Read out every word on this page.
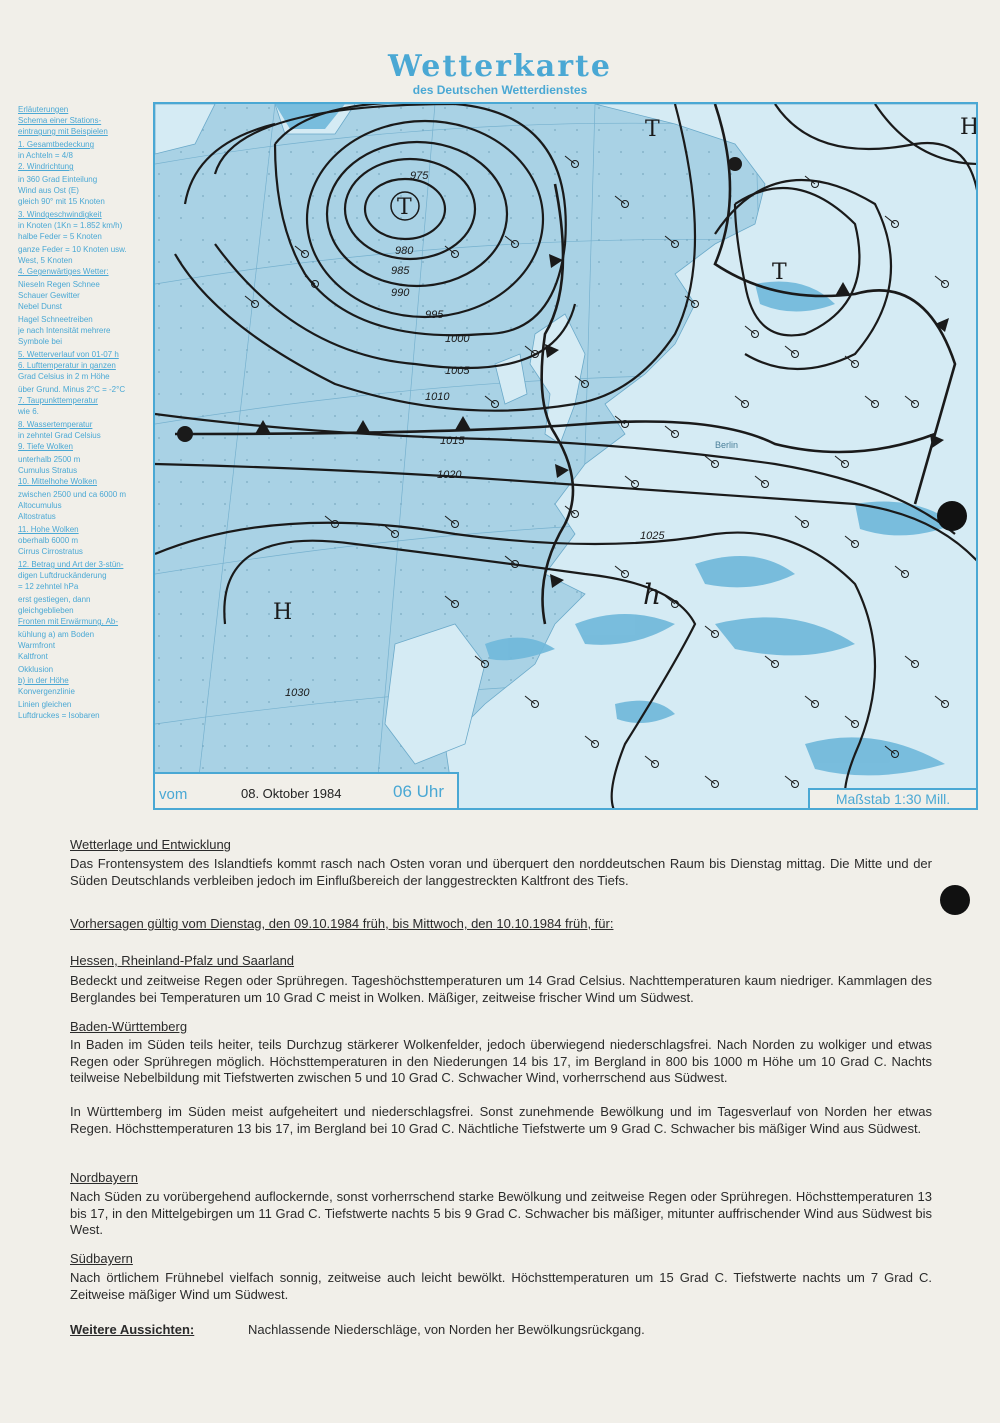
Wetterkarte
des Deutschen Wetterdienstes
Erläuterungen
Schema einer Stations-
eintragung mit Beispielen
1. Gesamtbedeckung
in Achteln = 4/8
2. Windrichtung
in 360 Grad Einteilung
Wind aus Ost (E)
gleich 90° mit 15 Knoten
3. Windgeschwindigkeit
in Knoten (1Kn = 1.852 km/h)
halbe Feder = 5 Knoten
ganze Feder = 10 Knoten usw.
West, 5 Knoten
4. Gegenwärtiges Wetter:
Nieseln Regen Schnee
Schauer Gewitter
Nebel Dunst
Hagel Schneetreiben
je nach Intensität mehrere
Symbole bei
5. Wetterverlauf von 01-07 h
6. Lufttemperatur in ganzen
Grad Celsius in 2 m Höhe
über Grund. Minus 2°C = -2°C
7. Taupunkttemperatur
wie 6.
8. Wassertemperatur
in zehntel Grad Celsius
9. Tiefe Wolken
unterhalb 2500 m
Cumulus Stratus
10. Mittelhohe Wolken
zwischen 2500 und ca 6000 m
Altocumulus
Altostratus
11. Hohe Wolken
oberhalb 6000 m
Cirrus Cirrostratus
12. Betrag und Art der 3-stün-
digen Luftdruckänderung
= 12 zehntel hPa
erst gestiegen, dann
gleichgeblieben
Fronten mit Erwärmung, Ab-
kühlung a) am Boden
Warmfront
Kaltfront
Okklusion
b) in der Höhe
Konvergenzlinie
Linien gleichen
Luftdruckes = Isobaren
T
T
T
H
H
h
975
980
985
990
995
1000
1005
1010
1015
1020
1025
1030
Berlin
vom	08. Oktober 1984	06 Uhr	Maßstab 1:30 Mill.
Wetterlage und Entwicklung

Das Frontensystem des Islandtiefs kommt rasch nach Osten voran und überquert den norddeutschen Raum bis Dienstag mittag. Die Mitte und der Süden Deutschlands verbleiben jedoch im Einflußbereich der langgestreckten Kaltfront des Tiefs.

Vorhersagen gültig vom Dienstag, den 09.10.1984 früh, bis Mittwoch, den 10.10.1984 früh, für:
Hessen, Rheinland-Pfalz und Saarland

Bedeckt und zeitweise Regen oder Sprühregen. Tageshöchsttemperaturen um 14 Grad Celsius. Nachttemperaturen kaum niedriger. Kammlagen des Berglandes bei Temperaturen um 10 Grad C meist in Wolken. Mäßiger, zeitweise frischer Wind um Südwest.

Baden-Württemberg

In Baden im Süden teils heiter, teils Durchzug stärkerer Wolkenfelder, jedoch überwiegend niederschlagsfrei. Nach Norden zu wolkiger und etwas Regen oder Sprühregen möglich. Höchsttemperaturen in den Niederungen 14 bis 17, im Bergland in 800 bis 1000 m Höhe um 10 Grad C. Nachts teilweise Nebelbildung mit Tiefstwerten zwischen 5 und 10 Grad C. Schwacher Wind, vorherrschend aus Südwest.

In Württemberg im Süden meist aufgeheitert und niederschlagsfrei. Sonst zunehmende Bewölkung und im Tagesverlauf von Norden her etwas Regen. Höchsttemperaturen 13 bis 17, im Bergland bei 10 Grad C. Nächtliche Tiefstwerte um 9 Grad C. Schwacher bis mäßiger Wind aus Südwest.

Nordbayern

Nach Süden zu vorübergehend auflockernde, sonst vorherrschend starke Bewölkung und zeitweise Regen oder Sprühregen. Höchsttemperaturen 13 bis 17, in den Mittelgebirgen um 11 Grad C. Tiefstwerte nachts 5 bis 9 Grad C. Schwacher bis mäßiger, mitunter auffrischender Wind aus Südwest bis West.

Südbayern

Nach örtlichem Frühnebel vielfach sonnig, zeitweise auch leicht bewölkt. Höchsttemperaturen um 15 Grad C. Tiefstwerte nachts um 7 Grad C. Zeitweise mäßiger Wind um Südwest.

Weitere Aussichten:	Nachlassende Niederschläge, von Norden her Bewölkungsrückgang.
